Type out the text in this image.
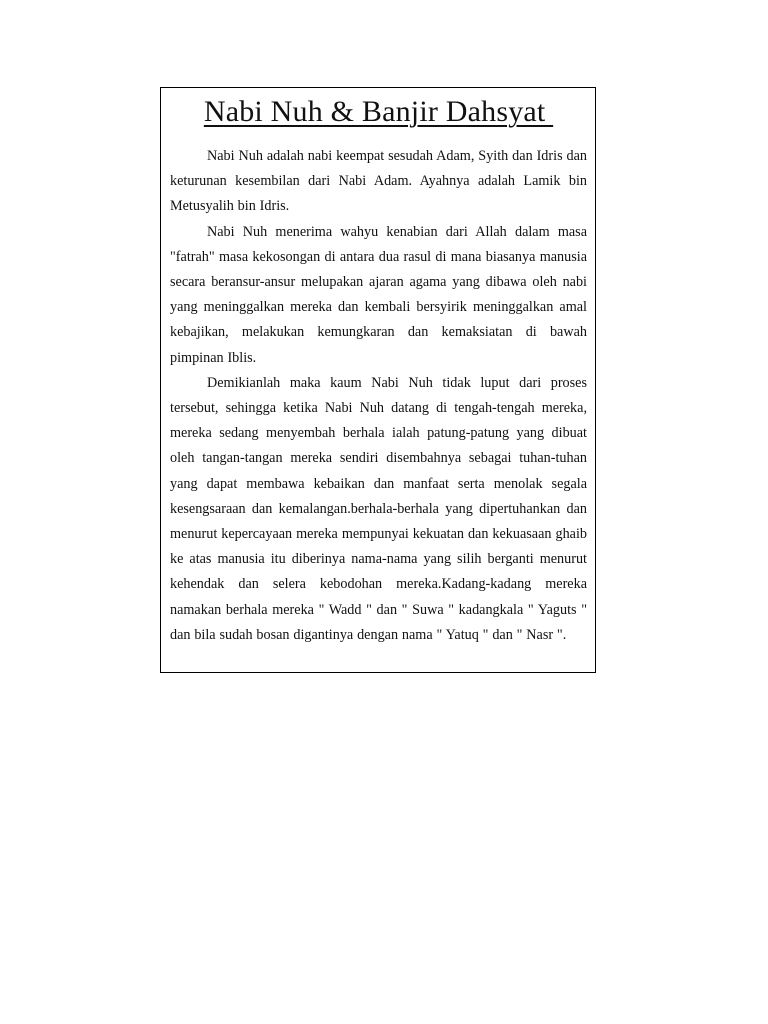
Nabi Nuh & Banjir Dahsyat

Nabi Nuh adalah nabi keempat sesudah Adam, Syith dan Idris dan keturunan kesembilan dari Nabi Adam. Ayahnya adalah Lamik bin Metusyalih bin Idris.

Nabi Nuh menerima wahyu kenabian dari Allah dalam masa "fatrah" masa kekosongan di antara dua rasul di mana biasanya manusia secara beransur-ansur melupakan ajaran agama yang dibawa oleh nabi yang meninggalkan mereka dan kembali bersyirik meninggalkan amal kebajikan, melakukan kemungkaran dan kemaksiatan di bawah pimpinan Iblis.

Demikianlah maka kaum Nabi Nuh tidak luput dari proses tersebut, sehingga ketika Nabi Nuh datang di tengah-tengah mereka, mereka sedang menyembah berhala ialah patung-patung yang dibuat oleh tangan-tangan mereka sendiri disembahnya sebagai tuhan-tuhan yang dapat membawa kebaikan dan manfaat serta menolak segala kesengsaraan dan kemalangan.berhala-berhala yang dipertuhankan dan menurut kepercayaan mereka mempunyai kekuatan dan kekuasaan ghaib ke atas manusia itu diberinya nama-nama yang silih berganti menurut kehendak dan selera kebodohan mereka.Kadang-kadang mereka namakan berhala mereka " Wadd " dan " Suwa " kadangkala " Yaguts " dan bila sudah bosan digantinya dengan nama " Yatuq " dan " Nasr ".
